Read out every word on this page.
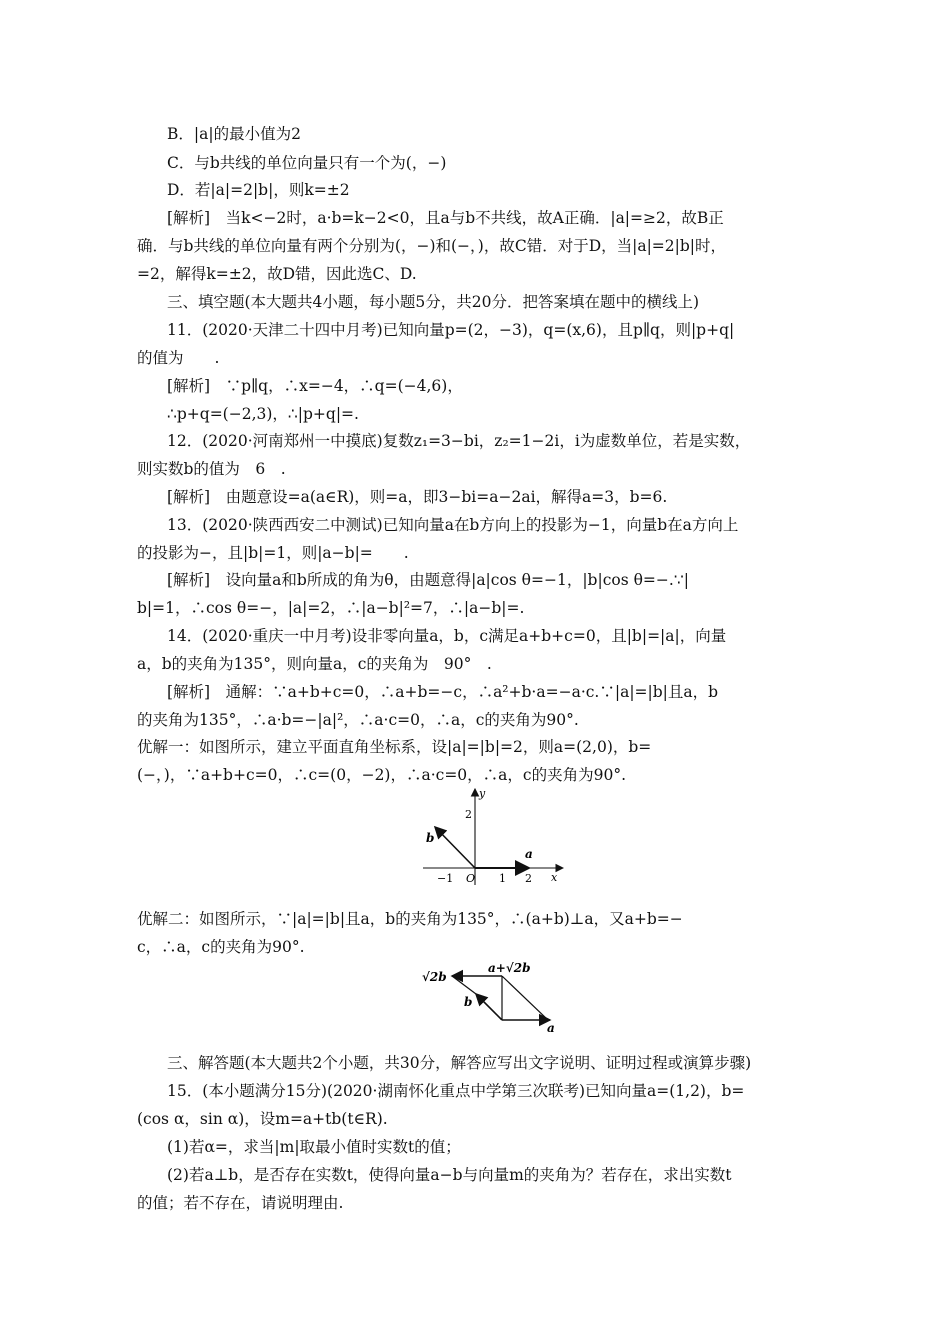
B．|a|的最小值为2
C．与b共线的单位向量只有一个为(，−)
D．若|a|=2|b|，则k=±2
[解析]　当k<−2时，a·b=k−2<0，且a与b不共线，故A正确．|a|=≥2，故B正
确．与b共线的单位向量有两个分别为(，−)和(−，)，故C错．对于D，当|a|=2|b|时，
=2，解得k=±2，故D错，因此选C、D.
三、填空题(本大题共4小题，每小题5分，共20分．把答案填在题中的横线上)
11．(2020·天津二十四中月考)已知向量p=(2，−3)，q=(x,6)，且p∥q，则|p+q|
的值为　　.
[解析]　∵p∥q，∴x=−4，∴q=(−4,6)，
∴p+q=(−2,3)，∴|p+q|=.
12．(2020·河南郑州一中摸底)复数z₁=3−bi，z₂=1−2i，i为虚数单位，若是实数，
则实数b的值为　6　.
[解析]　由题意设=a(a∈R)，则=a，即3−bi=a−2ai，解得a=3，b=6.
13．(2020·陕西西安二中测试)已知向量a在b方向上的投影为−1，向量b在a方向上
的投影为−，且|b|=1，则|a−b|=　　.
[解析]　设向量a和b所成的角为θ，由题意得|a|cos θ=−1，|b|cos θ=−.∵|
b|=1，∴cos θ=−，|a|=2，∴|a−b|²=7，∴|a−b|=.
14．(2020·重庆一中月考)设非零向量a，b，c满足a+b+c=0，且|b|=|a|，向量
a，b的夹角为135°，则向量a，c的夹角为　90°　.
[解析]　通解：∵a+b+c=0，∴a+b=−c，∴a²+b·a=−a·c.∵|a|=|b|且a，b
的夹角为135°，∴a·b=−|a|²，∴a·c=0，∴a，c的夹角为90°.
优解一：如图所示，建立平面直角坐标系，设|a|=|b|=2，则a=(2,0)，b=
(−，)，∵a+b+c=0，∴c=(0，−2)，∴a·c=0，∴a，c的夹角为90°.
y
x
2
O
−1	1 2
a
b
优解二：如图所示，∵|a|=|b|且a，b的夹角为135°，∴(a+b)⊥a，又a+b=−
c，∴a，c的夹角为90°.
a+√2b
√2b
b
a
三、解答题(本大题共2个小题，共30分，解答应写出文字说明、证明过程或演算步骤)
15．(本小题满分15分)(2020·湖南怀化重点中学第三次联考)已知向量a=(1,2)，b=
(cos α，sin α)，设m=a+tb(t∈R).
(1)若α=，求当|m|取最小值时实数t的值；
(2)若a⊥b，是否存在实数t，使得向量a−b与向量m的夹角为？若存在，求出实数t
的值；若不存在，请说明理由.
